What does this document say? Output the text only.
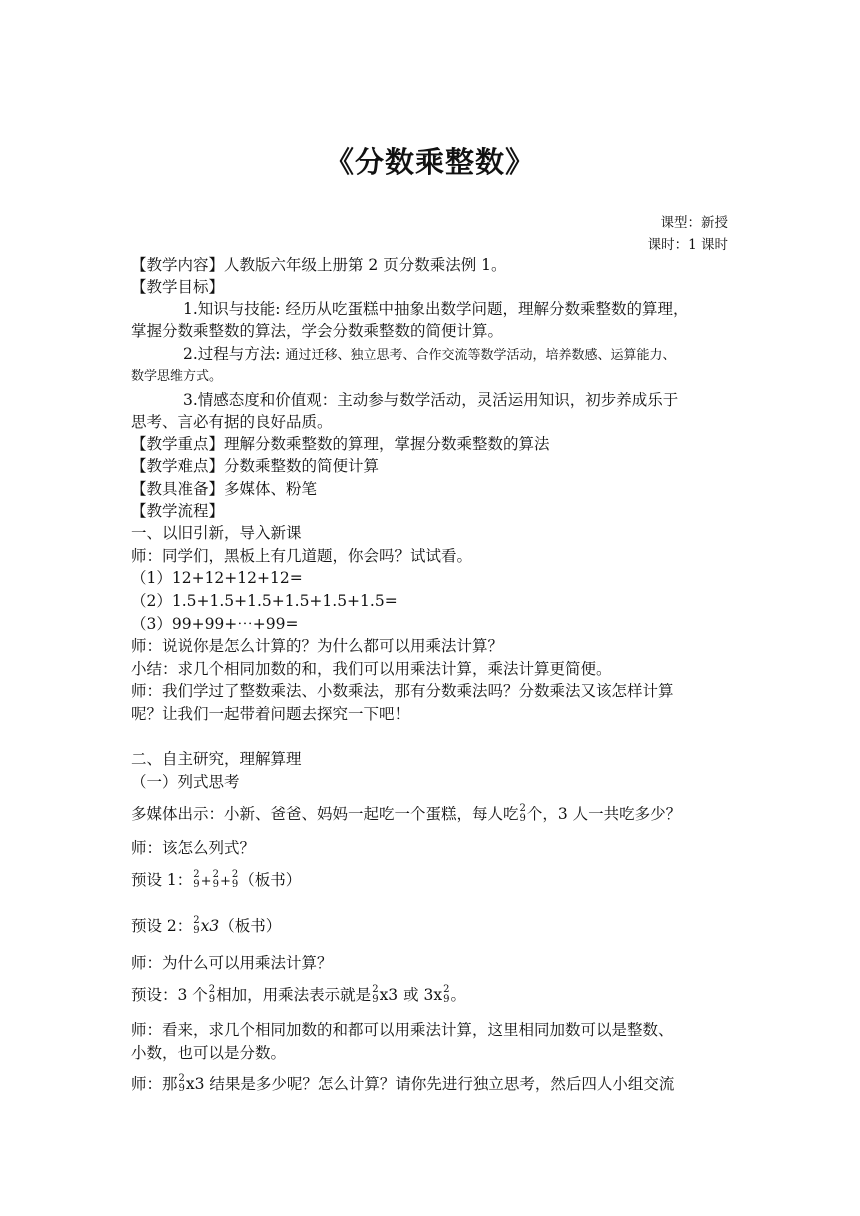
《分数乘整数》
课型：新授
课时：1 课时
【教学内容】人教版六年级上册第 2 页分数乘法例 1。
【教学目标】
1.知识与技能: 经历从吃蛋糕中抽象出数学问题，理解分数乘整数的算理，
掌握分数乘整数的算法，学会分数乘整数的简便计算。
2.过程与方法: 通过迁移、独立思考、合作交流等数学活动，培养数感、运算能力、
数学思维方式。
3.情感态度和价值观：主动参与数学活动，灵活运用知识，初步养成乐于
思考、言必有据的良好品质。
【教学重点】理解分数乘整数的算理，掌握分数乘整数的算法
【教学难点】分数乘整数的简便计算
【教具准备】多媒体、粉笔
【教学流程】
一、以旧引新，导入新课
师：同学们，黑板上有几道题，你会吗？试试看。
（1）12+12+12+12=
（2）1.5+1.5+1.5+1.5+1.5+1.5=
（3）99+99+⋯+99=
师：说说你是怎么计算的？为什么都可以用乘法计算？
小结：求几个相同加数的和，我们可以用乘法计算，乘法计算更简便。
师：我们学过了整数乘法、小数乘法，那有分数乘法吗？分数乘法又该怎样计算
呢？让我们一起带着问题去探究一下吧！
二、自主研究，理解算理
（一）列式思考
多媒体出示：小新、爸爸、妈妈一起吃一个蛋糕，每人吃 2
9 个，3 人一共吃多少？
师：该怎么列式？
预设 1： 2
9 + 2
9 + 2
9 （板书）
预设 2： 2
9 x3（板书）
师：为什么可以用乘法计算？
预设：3 个 2
9 相加，用乘法表示就是 2
9 x3 或 3x 2
9 。
师：看来，求几个相同加数的和都可以用乘法计算，这里相同加数可以是整数、
小数，也可以是分数。
师：那 2
9 x3 结果是多少呢？怎么计算？请你先进行独立思考，然后四人小组交流
